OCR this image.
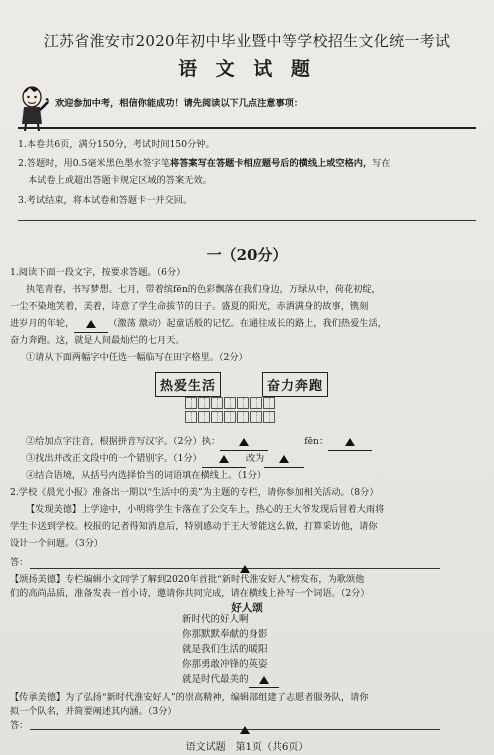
江苏省淮安市2020年初中毕业暨中等学校招生文化统一考试
语 文 试 题
欢迎参加中考，相信你能成功！请先阅读以下几点注意事项：
1.本卷共6页，满分150分，考试时间150分钟。
2.答题时，用0.5毫米黑色墨水签字笔将答案写在答题卡相应题号后的横线上或空格内，写在
本试卷上或超出答题卡规定区域的答案无效。
3.考试结束，将本试卷和答题卡一并交回。
一（20分）
1.阅读下面一段文字，按要求答题。（6分）
执笔青春，书写梦想。七月，带着缤fēn的色彩飘落在我们身边，万绿从中，荷花初绽，
一尘不染地笑着，美着，诗意了学生命拔节的日子。盛夏的阳光，赤洒满身的故事，镌刻
进岁月的年轮，	（激荡 激动）起童话般的记忆。在通往成长的路上，我们热爱生活，
奋力奔跑。这，就是人间最灿烂的七月天。
①请从下面两幅字中任选一幅临写在田字格里。（2分）
热爱生活	奋力奔跑
②给加点字注音，根据拼音写汉字。（2分）执：	fēn：
③找出并改正文段中的一个错别字。（1分）	改为
④结合语境，从括号内选择恰当的词语填在横线上。（1分）
2.学校《晨光小报》准备出一期以“生活中的美”为主题的专栏，请你参加相关活动。（8分）
【发现美德】上学途中，小明将学生卡落在了公交车上，热心的王大爷发现后冒着大雨将
学生卡送到学校。校报的记者得知消息后，特别感动于王大爷能这么做，打算采访他，请你
设计一个问题。（3分）
答：
【颂扬美德】专栏编辑小文同学了解到2020年首批“新时代淮安好人”榜发布，为歌颂他
们的高尚品质，准备发表一首小诗，邀请你共同完成，请在横线上补写一个词语。（2分）
好人颂
新时代的好人啊
你那默默奉献的身影
就是我们生活的暖阳
你那勇敢冲锋的英姿
就是时代最美的
语文试题　第1页（共6页）
【传承美德】为了弘扬“新时代淮安好人”的崇高精神，编辑部组建了志愿者服务队，请你
拟一个队名，并简要阐述其内涵。（3分）
答：
